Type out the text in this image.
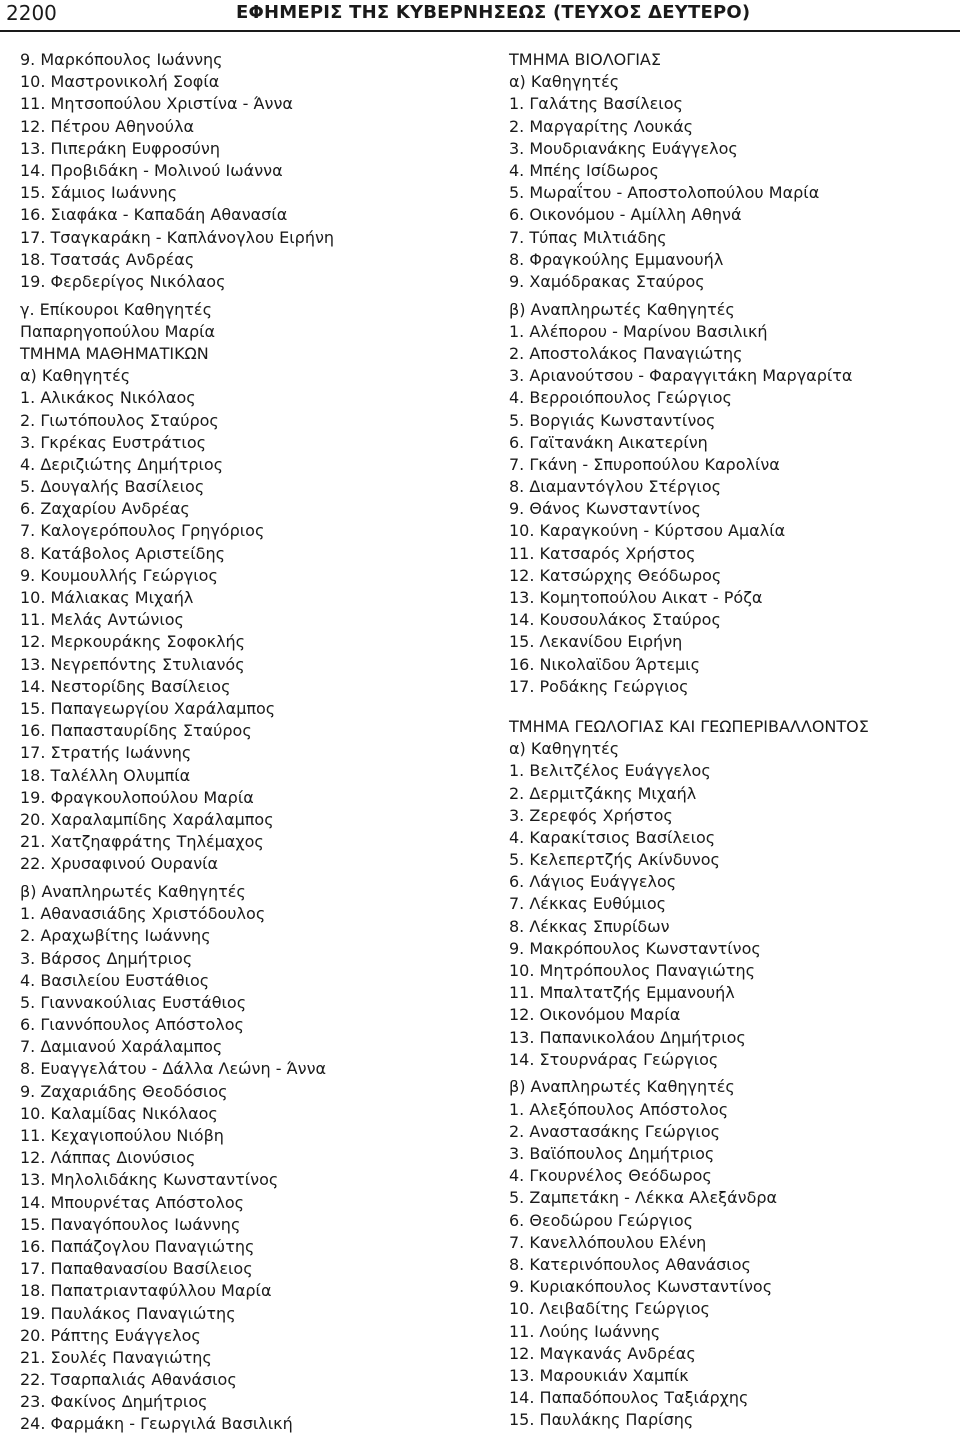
2200	ΕΦΗΜΕΡΙΣ ΤΗΣ ΚΥΒΕΡΝΗΣΕΩΣ (ΤΕΥΧΟΣ ΔΕΥΤΕΡΟ)
9. Μαρκόπουλος Ιωάννης
10. Μαστρονικολή Σοφία
11. Μητσοπούλου Χριστίνα - Άννα
12. Πέτρου Αθηνούλα
13. Πιπεράκη Ευφροσύνη
14. Προβιδάκη - Μολινού Ιωάννα
15. Σάμιος Ιωάννης
16. Σιαφάκα - Καπαδάη Αθανασία
17. Τσαγκαράκη - Καπλάνογλου Ειρήνη
18. Τσατσάς Ανδρέας
19. Φερδερίγος Νικόλαος
γ. Επίκουροι Καθηγητές
Παπαρηγοπούλου Μαρία
ΤΜΗΜΑ ΜΑΘΗΜΑΤΙΚΩΝ
α) Καθηγητές
1. Αλικάκος Νικόλαος
2. Γιωτόπουλος Σταύρος
3. Γκρέκας Ευστράτιος
4. Δεριζιώτης Δημήτριος
5. Δουγαλής Βασίλειος
6. Ζαχαρίου Ανδρέας
7. Καλογερόπουλος Γρηγόριος
8. Κατάβολος Αριστείδης
9. Κουμουλλής Γεώργιος
10. Μάλιακας Μιχαήλ
11. Μελάς Αντώνιος
12. Μερκουράκης Σοφοκλής
13. Νεγρεπόντης Στυλιανός
14. Νεστορίδης Βασίλειος
15. Παπαγεωργίου Χαράλαμπος
16. Παπασταυρίδης Σταύρος
17. Στρατής Ιωάννης
18. Ταλέλλη Ολυμπία
19. Φραγκουλοπούλου Μαρία
20. Χαραλαμπίδης Χαράλαμπος
21. Χατζηαφράτης Τηλέμαχος
22. Χρυσαφινού Ουρανία
β) Αναπληρωτές Καθηγητές
1. Αθανασιάδης Χριστόδουλος
2. Αραχωβίτης Ιωάννης
3. Βάρσος Δημήτριος
4. Βασιλείου Ευστάθιος
5. Γιαννακούλιας Ευστάθιος
6. Γιαννόπουλος Απόστολος
7. Δαμιανού Χαράλαμπος
8. Ευαγγελάτου - Δάλλα Λεώνη - Άννα
9. Ζαχαριάδης Θεοδόσιος
10. Καλαμίδας Νικόλαος
11. Κεχαγιοπούλου Νιόβη
12. Λάππας Διονύσιος
13. Μηλολιδάκης Κωνσταντίνος
14. Μπουρνέτας Απόστολος
15. Παναγόπουλος Ιωάννης
16. Παπάζογλου Παναγιώτης
17. Παπαθανασίου Βασίλειος
18. Παπατριανταφύλλου Μαρία
19. Παυλάκος Παναγιώτης
20. Ράπτης Ευάγγελος
21. Σουλές Παναγιώτης
22. Τσαρπαλιάς Αθανάσιος
23. Φακίνος Δημήτριος
24. Φαρμάκη - Γεωργιλά Βασιλική
ΤΜΗΜΑ ΒΙΟΛΟΓΙΑΣ
α) Καθηγητές
1. Γαλάτης Βασίλειος
2. Μαργαρίτης Λουκάς
3. Μουδριανάκης Ευάγγελος
4. Μπέης Ισίδωρος
5. Μωραΐτου - Αποστολοπούλου Μαρία
6. Οικονόμου - Αμίλλη Αθηνά
7. Τύπας Μιλτιάδης
8. Φραγκούλης Εμμανουήλ
9. Χαμόδρακας Σταύρος
β) Αναπληρωτές Καθηγητές
1. Αλέπορου - Μαρίνου Βασιλική
2. Αποστολάκος Παναγιώτης
3. Αριανούτσου - Φαραγγιτάκη Μαργαρίτα
4. Βερροιόπουλος Γεώργιος
5. Βοργιάς Κωνσταντίνος
6. Γαϊτανάκη Αικατερίνη
7. Γκάνη - Σπυροπούλου Καρολίνα
8. Διαμαντόγλου Στέργιος
9. Θάνος Κωνσταντίνος
10. Καραγκούνη - Κύρτσου Αμαλία
11. Κατσαρός Χρήστος
12. Κατσώρχης Θεόδωρος
13. Κομητοπούλου Αικατ - Ρόζα
14. Κουσουλάκος Σταύρος
15. Λεκανίδου Ειρήνη
16. Νικολαϊδου Άρτεμις
17. Ροδάκης Γεώργιος
ΤΜΗΜΑ ΓΕΩΛΟΓΙΑΣ ΚΑΙ ΓΕΩΠΕΡΙΒΑΛΛΟΝΤΟΣ
α) Καθηγητές
1. Βελιτζέλος Ευάγγελος
2. Δερμιτζάκης Μιχαήλ
3. Ζερεφός Χρήστος
4. Καρακίτσιος Βασίλειος
5. Κελεπερτζής Ακίνδυνος
6. Λάγιος Ευάγγελος
7. Λέκκας Ευθύμιος
8. Λέκκας Σπυρίδων
9. Μακρόπουλος Κωνσταντίνος
10. Μητρόπουλος Παναγιώτης
11. Μπαλτατζής Εμμανουήλ
12. Οικονόμου Μαρία
13. Παπανικολάου Δημήτριος
14. Στουρνάρας Γεώργιος
β) Αναπληρωτές Καθηγητές
1. Αλεξόπουλος Απόστολος
2. Αναστασάκης Γεώργιος
3. Βαϊόπουλος Δημήτριος
4. Γκουρνέλος Θεόδωρος
5. Ζαμπετάκη - Λέκκα Αλεξάνδρα
6. Θεοδώρου Γεώργιος
7. Κανελλόπουλου Ελένη
8. Κατερινόπουλος Αθανάσιος
9. Κυριακόπουλος Κωνσταντίνος
10. Λειβαδίτης Γεώργιος
11. Λούης Ιωάννης
12. Μαγκανάς Ανδρέας
13. Μαρουκιάν Χαμπίκ
14. Παπαδόπουλος Ταξιάρχης
15. Παυλάκης Παρίσης
